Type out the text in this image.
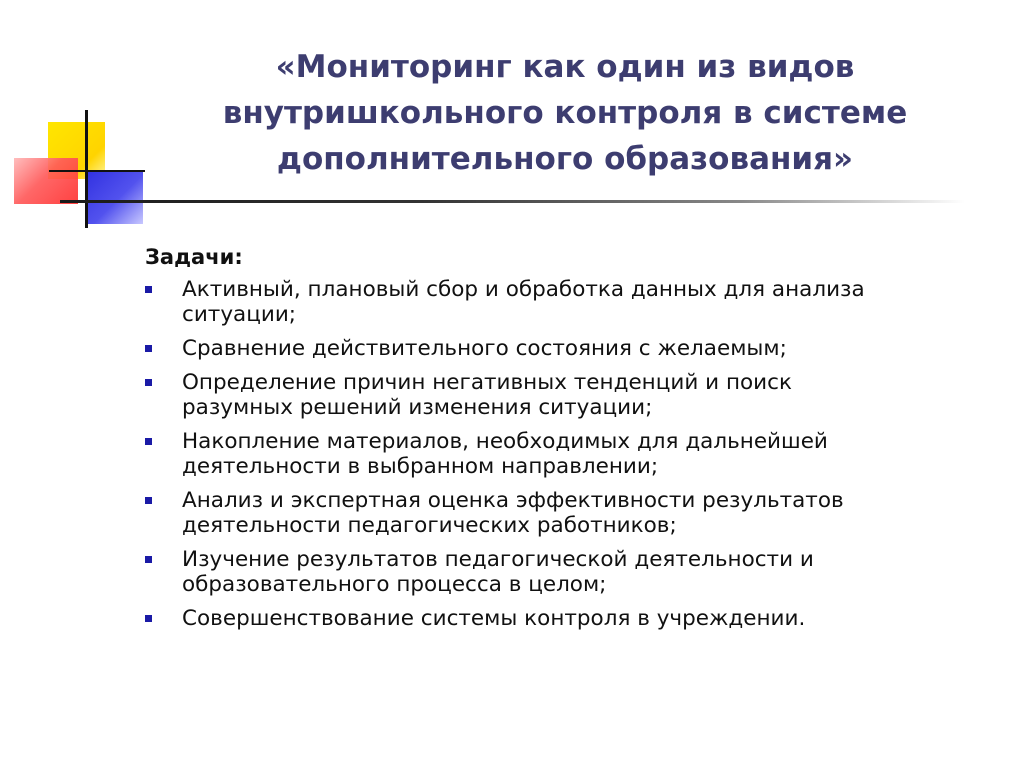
«Мониторинг как один из видов
внутришкольного контроля в системе
дополнительного образования»
Задачи:
Активный, плановый сбор и обработка данных для анализа
ситуации;
Сравнение действительного состояния с желаемым;
Определение причин негативных тенденций и поиск
разумных решений изменения ситуации;
Накопление материалов, необходимых для дальнейшей
деятельности в выбранном направлении;
Анализ и экспертная оценка эффективности результатов
деятельности педагогических работников;
Изучение результатов педагогической деятельности и
образовательного процесса в целом;
Совершенствование системы контроля в учреждении.
